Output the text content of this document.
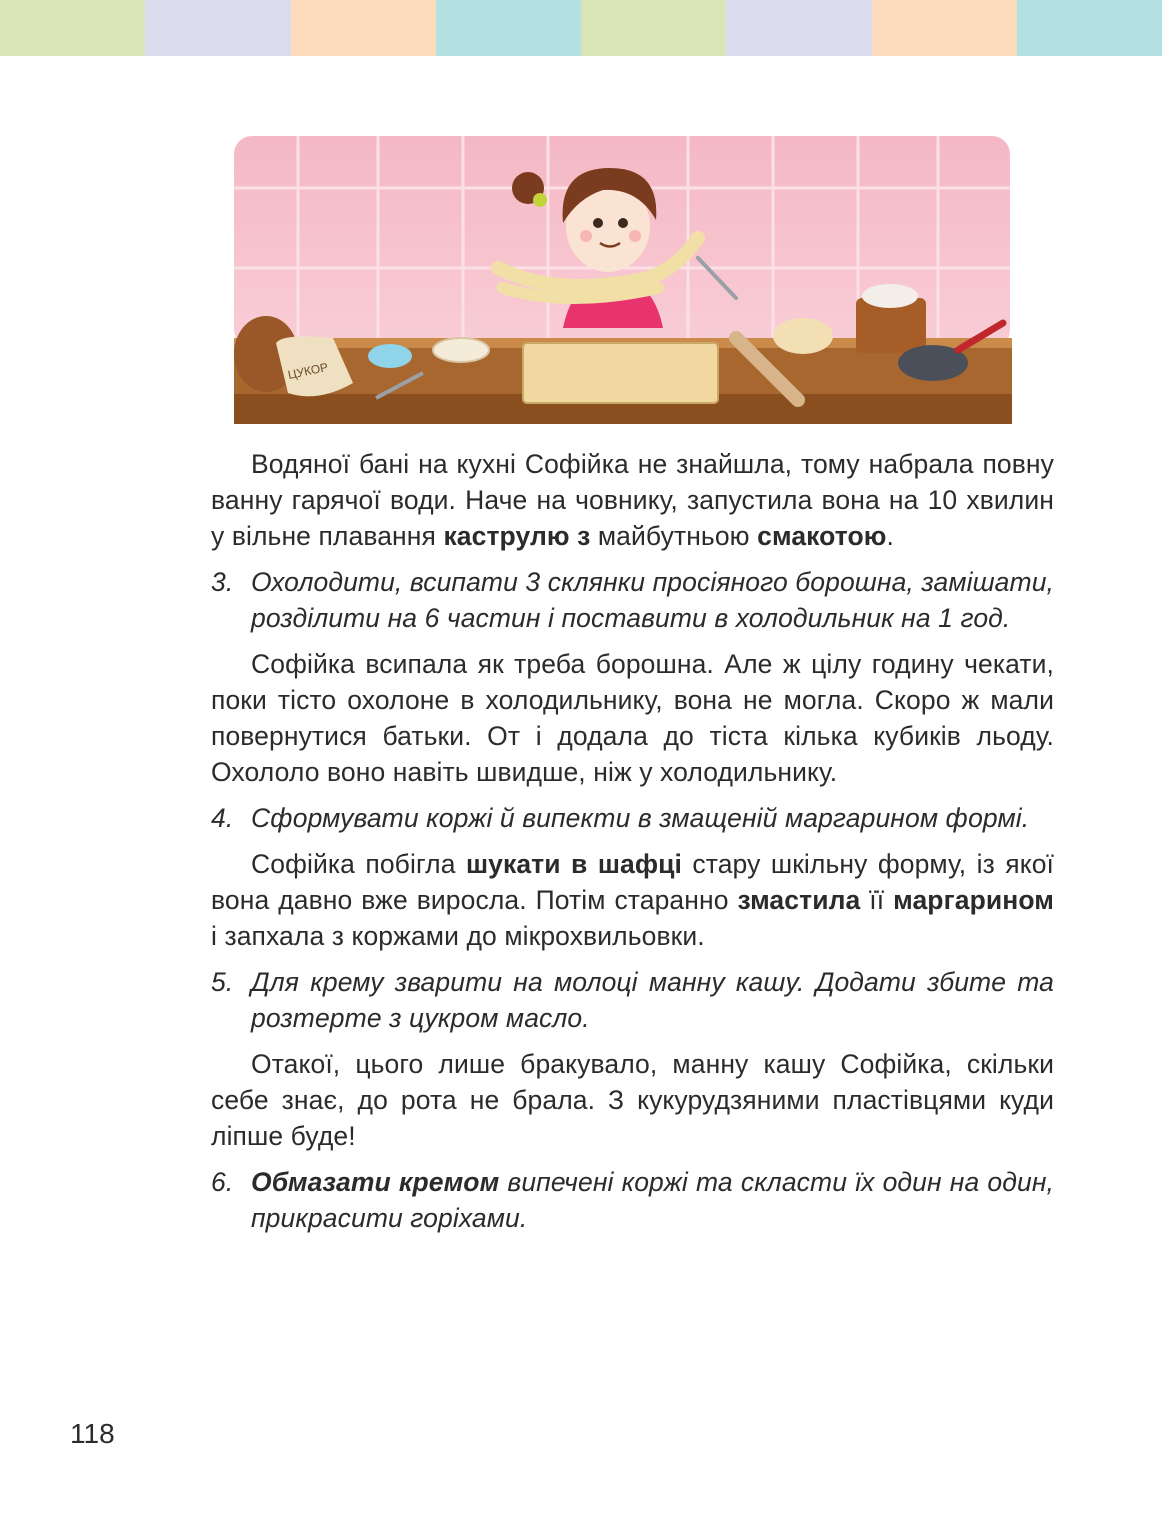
ЦУКОР

Водяної бані на кухні Софійка не знайшла, тому набрала повну ванну гарячої води. Наче на човнику, запустила вона на 10 хвилин у вільне плавання каструлю з майбутньою смакотою.

3. Охолодити, всипати 3 склянки просіяного борошна, замішати, розділити на 6 частин і поставити в холодильник на 1 год.

Софійка всипала як треба борошна. Але ж цілу годину чекати, поки тісто охолоне в холодильнику, вона не могла. Скоро ж мали повернутися батьки. От і додала до тіста кілька кубиків льоду. Охололо воно навіть швидше, ніж у холодильнику.

4. Сформувати коржі й випекти в змащеній маргарином формі.

Софійка побігла шукати в шафці стару шкільну форму, із якої вона давно вже виросла. Потім старанно змастила її маргарином і запхала з коржами до мікрохвильовки.

5. Для крему зварити на молоці манну кашу. Додати збите та розтерте з цукром масло.

Отакої, цього лише бракувало, манну кашу Софійка, скільки себе знає, до рота не брала. З кукурудзяними пластівцями куди ліпше буде!

6. Обмазати кремом випечені коржі та скласти їх один на один, прикрасити горіхами.

118
